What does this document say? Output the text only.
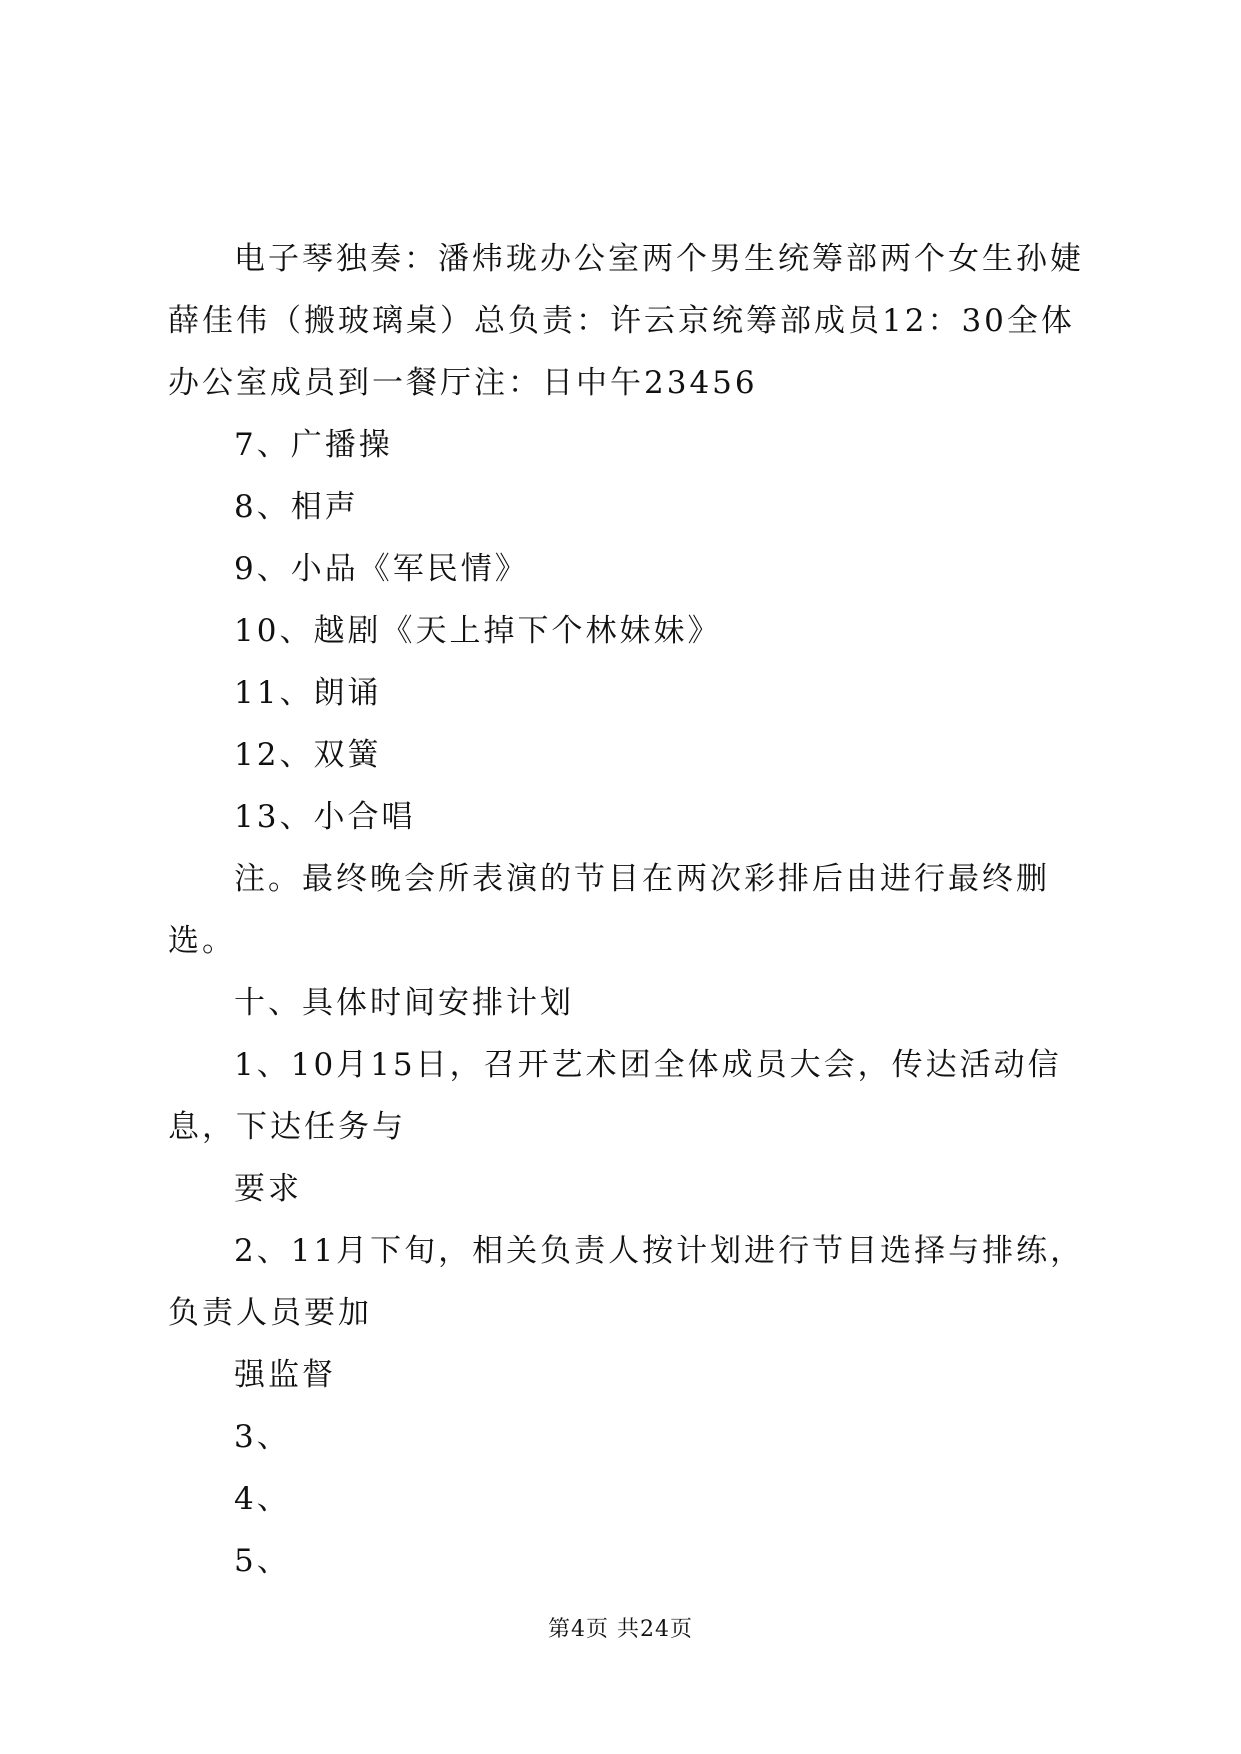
电子琴独奏：潘炜珑办公室两个男生统筹部两个女生孙婕薛佳伟（搬玻璃桌）总负责：许云京统筹部成员12：30全体办公室成员到一餐厅注：日中午23456

7、广播操

8、相声

9、小品《军民情》

10、越剧《天上掉下个林妹妹》

11、朗诵

12、双簧

13、小合唱

注。最终晚会所表演的节目在两次彩排后由进行最终删选。

十、具体时间安排计划

1、10月15日，召开艺术团全体成员大会，传达活动信息，下达任务与

要求

2、11月下旬，相关负责人按计划进行节目选择与排练，负责人员要加

强监督

3、

4、

5、

第4页 共24页
